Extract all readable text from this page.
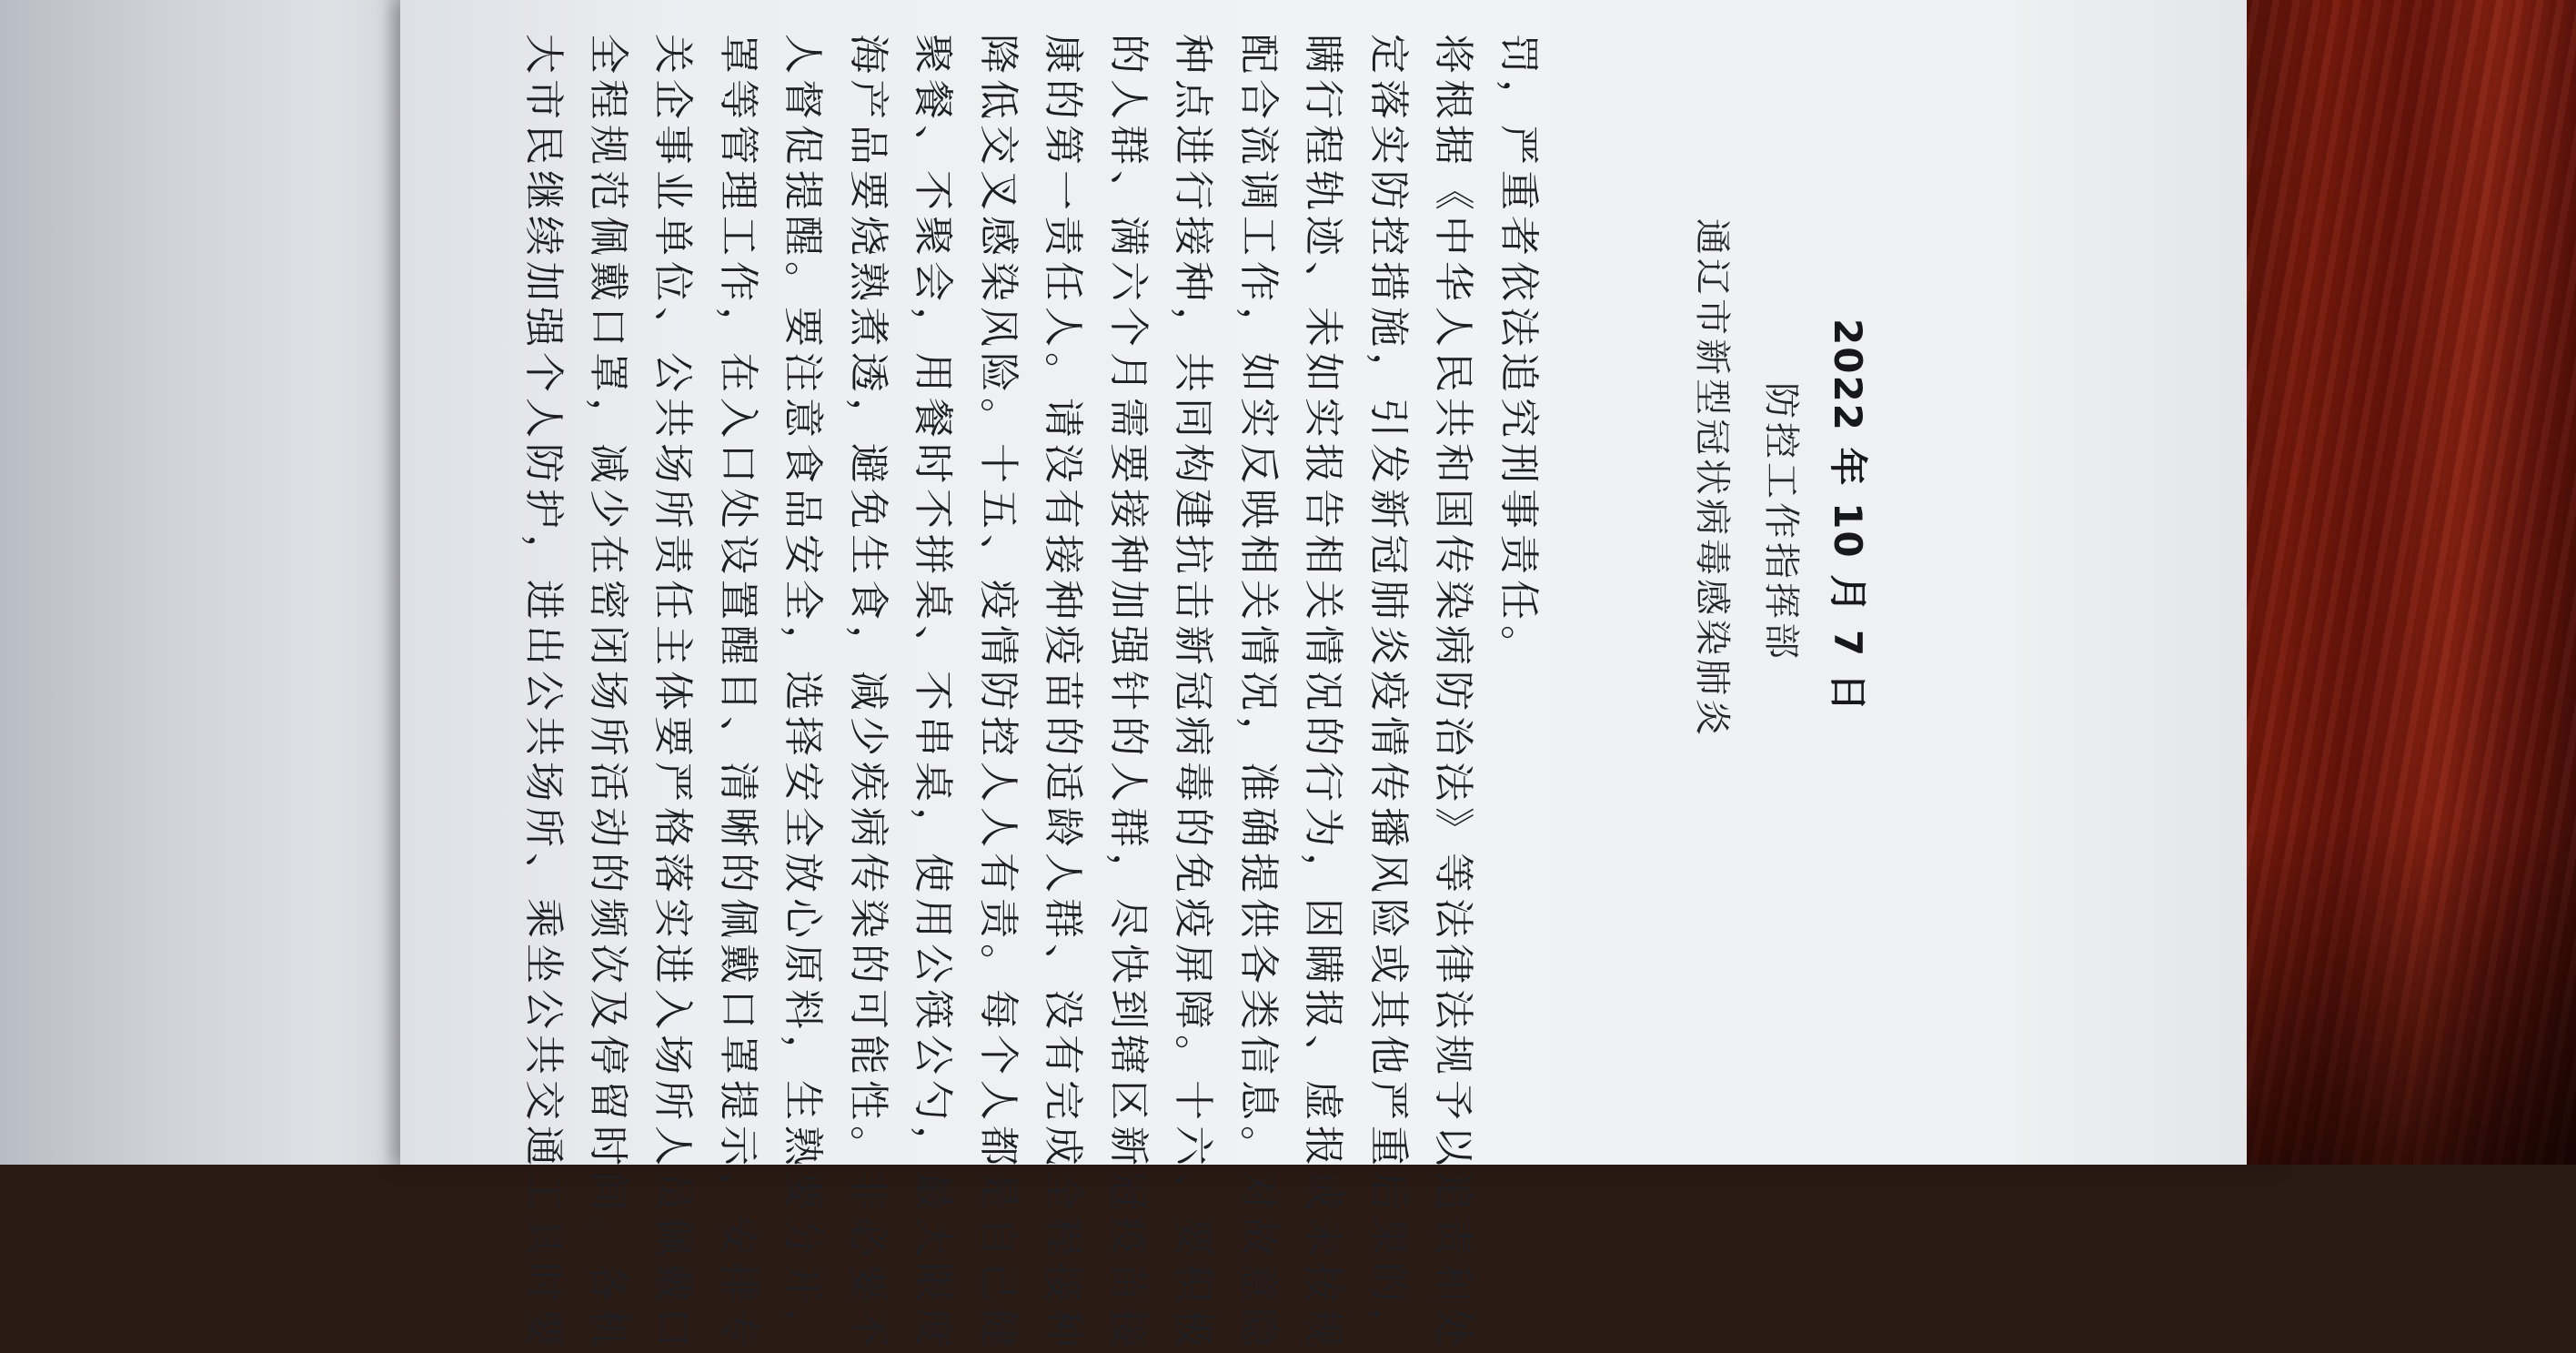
大市民继续加强个人防护，进出公共场所、乘坐公共交通工具时要 全程规范佩戴口罩，减少在密闭场所活动的频次及停留时间。各机 关企事业单位、公共场所责任主体要严格落实进入场所人员佩戴口 罩等管理工作，在入口处设置醒目、清晰的佩戴口罩提示，安排专 人督促提醒。要注意食品安全，选择安全放心原料，生熟要分开， 海产品要烧熟煮透，避免生食，减少疾病传染的可能性。非必要不 聚餐、不聚会，用餐时不拼桌、不串桌，使用公筷公勺，最大限度 降低交叉感染风险。十五、疫情防控人人有责。每个人都是自己健 康的第一责任人。请没有接种疫苗的适龄人群、没有完成全程接种 的人群、满六个月需要接种加强针的人群，尽快到辖区新冠疫苗接 种点进行接种，共同构建抗击新冠病毒的免疫屏障。十六、要积极 配合流调工作，如实反映相关情况，准确提供各类信息。对故意隐 瞒行程轨迹、未如实报告相关情况的行为，因瞒报、虚报或未按规 定落实防控措施，引发新冠肺炎疫情传播风险或其他严重后果的， 将根据《中华人民共和国传染病防治法》等法律法规予以追责和处 罚，严重者依法追究刑事责任。	通辽市新型冠状病毒感染肺炎 防控工作指挥部 2022 年 10 月 7 日
